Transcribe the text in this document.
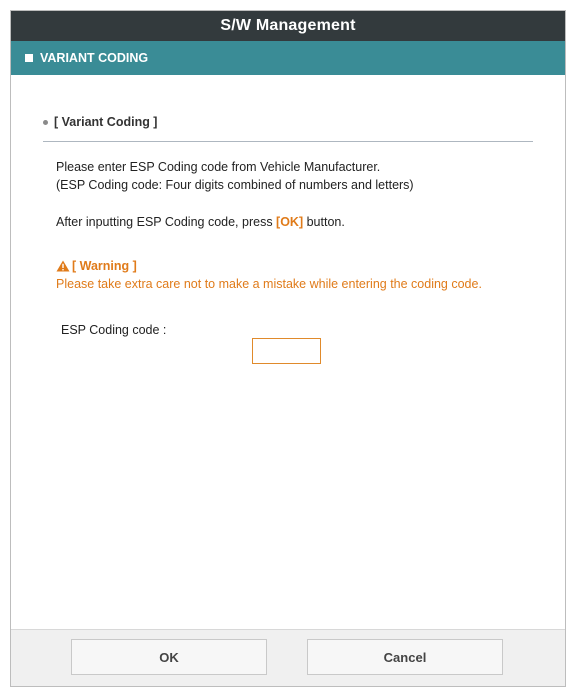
S/W Management
VARIANT CODING
[ Variant Coding ]
Please enter ESP Coding code from Vehicle Manufacturer.
(ESP Coding code: Four digits combined of numbers and letters)
After inputting ESP Coding code, press [OK] button.
[ Warning ]
Please take extra care not to make a mistake while entering the coding code.
ESP Coding code :
OK	Cancel
